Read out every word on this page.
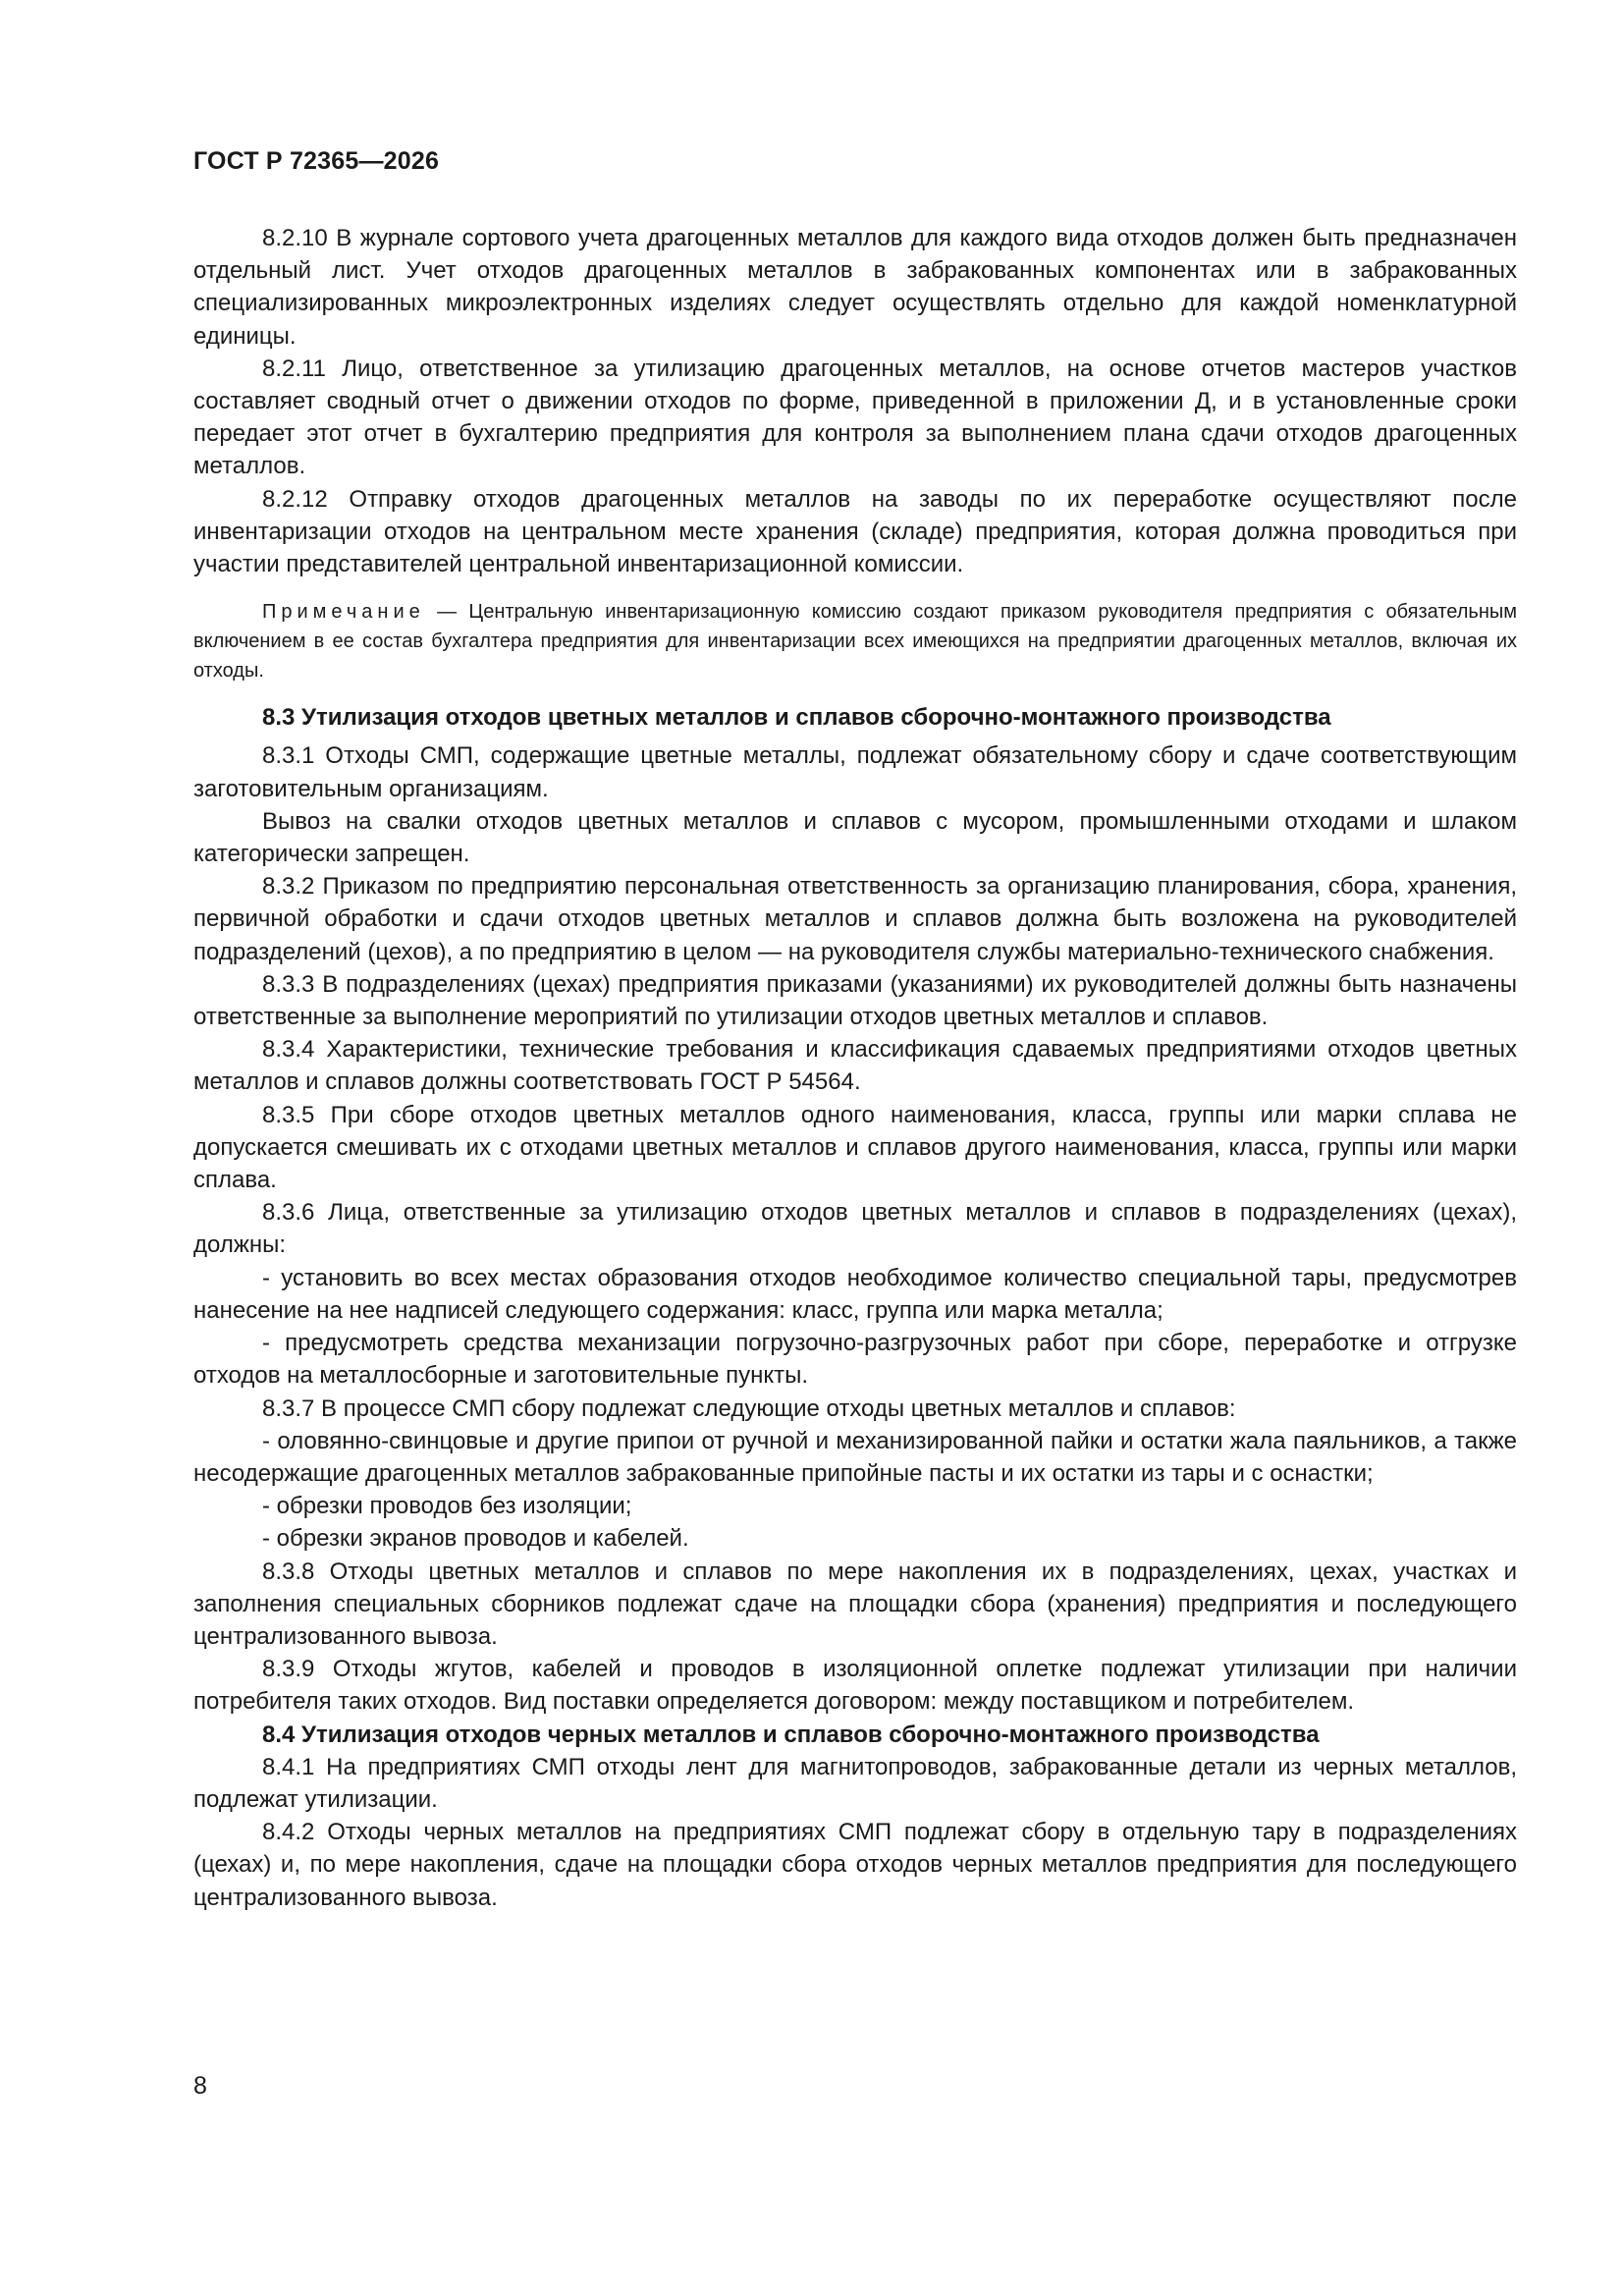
ГОСТ Р 72365—2026

8.2.10 В журнале сортового учета драгоценных металлов для каждого вида отходов должен быть предназначен отдельный лист. Учет отходов драгоценных металлов в забракованных компонентах или в забракованных специализированных микроэлектронных изделиях следует осуществлять отдельно для каждой номенклатурной единицы.

8.2.11 Лицо, ответственное за утилизацию драгоценных металлов, на основе отчетов мастеров участков составляет сводный отчет о движении отходов по форме, приведенной в приложении Д, и в установленные сроки передает этот отчет в бухгалтерию предприятия для контроля за выполнением плана сдачи отходов драгоценных металлов.

8.2.12 Отправку отходов драгоценных металлов на заводы по их переработке осуществляют после инвентаризации отходов на центральном месте хранения (складе) предприятия, которая должна проводиться при участии представителей центральной инвентаризационной комиссии.

Примечание — Центральную инвентаризационную комиссию создают приказом руководителя предприятия с обязательным включением в ее состав бухгалтера предприятия для инвентаризации всех имеющихся на предприятии драгоценных металлов, включая их отходы.

8.3 Утилизация отходов цветных металлов и сплавов сборочно-монтажного производства

8.3.1 Отходы СМП, содержащие цветные металлы, подлежат обязательному сбору и сдаче соответствующим заготовительным организациям.

Вывоз на свалки отходов цветных металлов и сплавов с мусором, промышленными отходами и шлаком категорически запрещен.

8.3.2 Приказом по предприятию персональная ответственность за организацию планирования, сбора, хранения, первичной обработки и сдачи отходов цветных металлов и сплавов должна быть возложена на руководителей подразделений (цехов), а по предприятию в целом — на руководителя службы материально-технического снабжения.

8.3.3 В подразделениях (цехах) предприятия приказами (указаниями) их руководителей должны быть назначены ответственные за выполнение мероприятий по утилизации отходов цветных металлов и сплавов.

8.3.4 Характеристики, технические требования и классификация сдаваемых предприятиями отходов цветных металлов и сплавов должны соответствовать ГОСТ Р 54564.

8.3.5 При сборе отходов цветных металлов одного наименования, класса, группы или марки сплава не допускается смешивать их с отходами цветных металлов и сплавов другого наименования, класса, группы или марки сплава.

8.3.6 Лица, ответственные за утилизацию отходов цветных металлов и сплавов в подразделениях (цехах), должны:

- установить во всех местах образования отходов необходимое количество специальной тары, предусмотрев нанесение на нее надписей следующего содержания: класс, группа или марка металла;

- предусмотреть средства механизации погрузочно-разгрузочных работ при сборе, переработке и отгрузке отходов на металлосборные и заготовительные пункты.

8.3.7 В процессе СМП сбору подлежат следующие отходы цветных металлов и сплавов:

- оловянно-свинцовые и другие припои от ручной и механизированной пайки и остатки жала паяльников, а также несодержащие драгоценных металлов забракованные припойные пасты и их остатки из тары и с оснастки;

- обрезки проводов без изоляции;

- обрезки экранов проводов и кабелей.

8.3.8 Отходы цветных металлов и сплавов по мере накопления их в подразделениях, цехах, участках и заполнения специальных сборников подлежат сдаче на площадки сбора (хранения) предприятия и последующего централизованного вывоза.

8.3.9 Отходы жгутов, кабелей и проводов в изоляционной оплетке подлежат утилизации при наличии потребителя таких отходов. Вид поставки определяется договором: между поставщиком и потребителем.

8.4 Утилизация отходов черных металлов и сплавов сборочно-монтажного производства

8.4.1 На предприятиях СМП отходы лент для магнитопроводов, забракованные детали из черных металлов, подлежат утилизации.

8.4.2 Отходы черных металлов на предприятиях СМП подлежат сбору в отдельную тару в подразделениях (цехах) и, по мере накопления, сдаче на площадки сбора отходов черных металлов предприятия для последующего централизованного вывоза.

8
